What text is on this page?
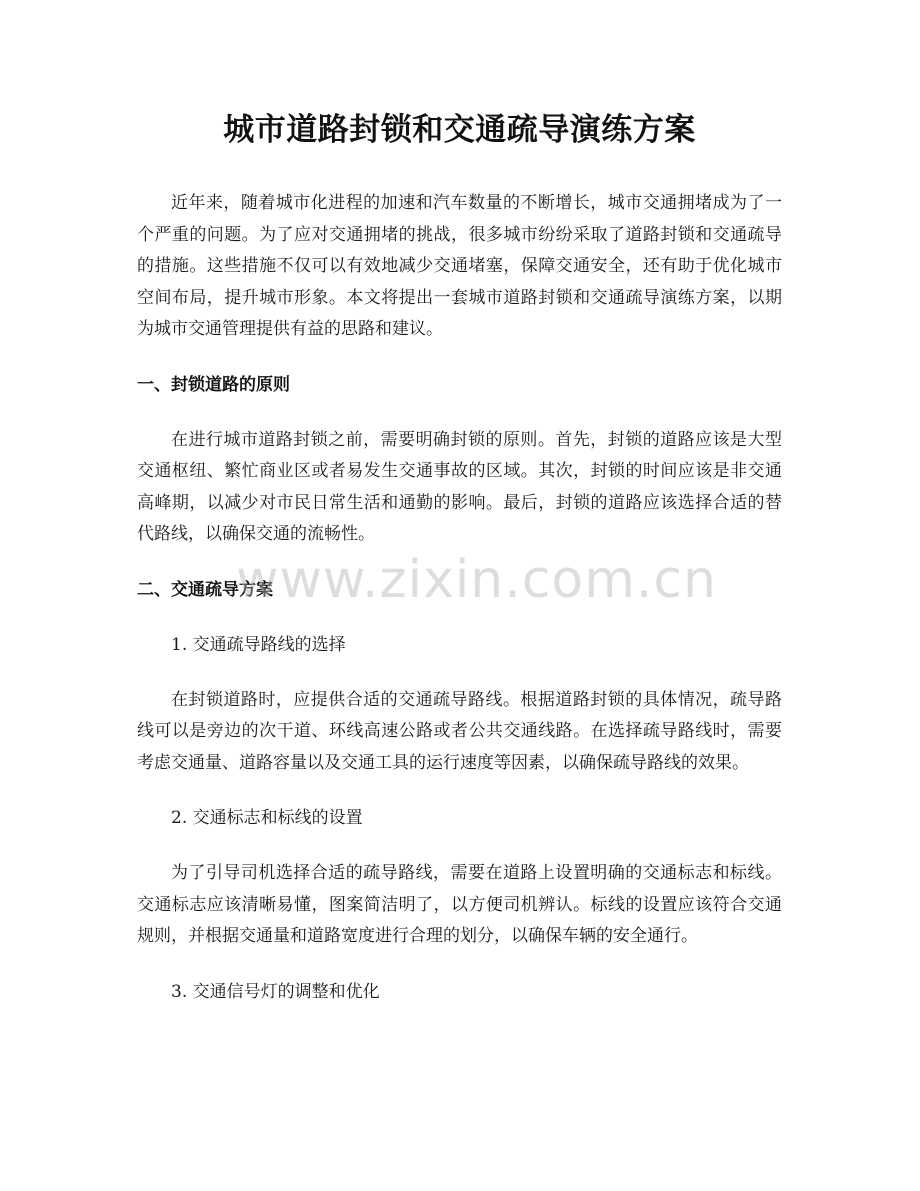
城市道路封锁和交通疏导演练方案

近年来，随着城市化进程的加速和汽车数量的不断增长，城市交通拥堵成为了一个严重的问题。为了应对交通拥堵的挑战，很多城市纷纷采取了道路封锁和交通疏导的措施。这些措施不仅可以有效地减少交通堵塞，保障交通安全，还有助于优化城市空间布局，提升城市形象。本文将提出一套城市道路封锁和交通疏导演练方案，以期为城市交通管理提供有益的思路和建议。

一、封锁道路的原则

在进行城市道路封锁之前，需要明确封锁的原则。首先，封锁的道路应该是大型交通枢纽、繁忙商业区或者易发生交通事故的区域。其次，封锁的时间应该是非交通高峰期，以减少对市民日常生活和通勤的影响。最后，封锁的道路应该选择合适的替代路线，以确保交通的流畅性。

二、交通疏导方案
1. 交通疏导路线的选择

在封锁道路时，应提供合适的交通疏导路线。根据道路封锁的具体情况，疏导路线可以是旁边的次干道、环线高速公路或者公共交通线路。在选择疏导路线时，需要考虑交通量、道路容量以及交通工具的运行速度等因素，以确保疏导路线的效果。

2. 交通标志和标线的设置

为了引导司机选择合适的疏导路线，需要在道路上设置明确的交通标志和标线。交通标志应该清晰易懂，图案简洁明了，以方便司机辨认。标线的设置应该符合交通规则，并根据交通量和道路宽度进行合理的划分，以确保车辆的安全通行。

3. 交通信号灯的调整和优化
www.zixin.com.cn
